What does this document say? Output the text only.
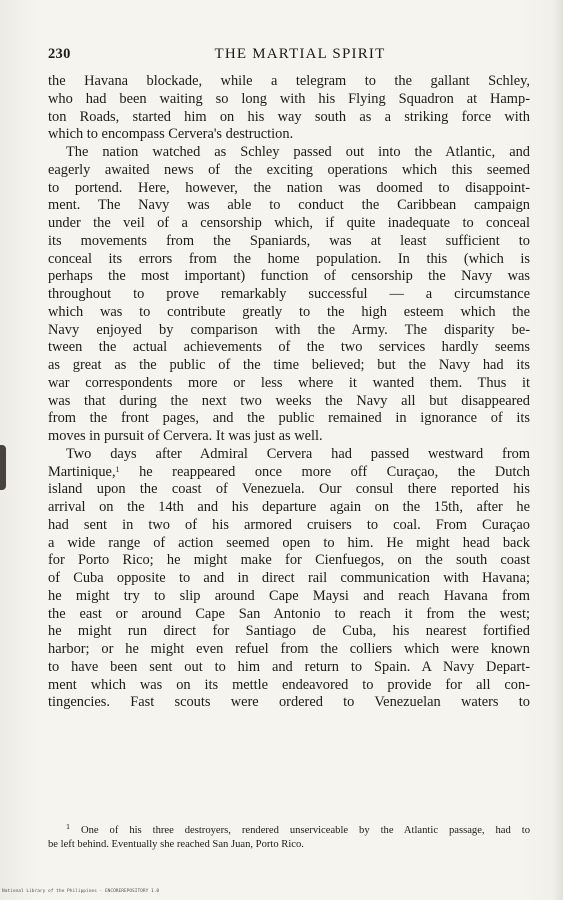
230	THE MARTIAL SPIRIT
the Havana blockade, while a telegram to the gallant Schley,
who had been waiting so long with his Flying Squadron at Hamp-
ton Roads, started him on his way south as a striking force with
which to encompass Cervera's destruction.
The nation watched as Schley passed out into the Atlantic, and
eagerly awaited news of the exciting operations which this seemed
to portend. Here, however, the nation was doomed to disappoint-
ment. The Navy was able to conduct the Caribbean campaign
under the veil of a censorship which, if quite inadequate to conceal
its movements from the Spaniards, was at least sufficient to
conceal its errors from the home population. In this (which is
perhaps the most important) function of censorship the Navy was
throughout to prove remarkably successful — a circumstance
which was to contribute greatly to the high esteem which the
Navy enjoyed by comparison with the Army. The disparity be-
tween the actual achievements of the two services hardly seems
as great as the public of the time believed; but the Navy had its
war correspondents more or less where it wanted them. Thus it
was that during the next two weeks the Navy all but disappeared
from the front pages, and the public remained in ignorance of its
moves in pursuit of Cervera. It was just as well.
Two days after Admiral Cervera had passed westward from
Martinique,$^1$ he reappeared once more off Curaçao, the Dutch
island upon the coast of Venezuela. Our consul there reported his
arrival on the 14th and his departure again on the 15th, after he
had sent in two of his armored cruisers to coal. From Curaçao
a wide range of action seemed open to him. He might head back
for Porto Rico; he might make for Cienfuegos, on the south coast
of Cuba opposite to and in direct rail communication with Havana;
he might try to slip around Cape Maysi and reach Havana from
the east or around Cape San Antonio to reach it from the west;
he might run direct for Santiago de Cuba, his nearest fortified
harbor; or he might even refuel from the colliers which were known
to have been sent out to him and return to Spain. A Navy Depart-
ment which was on its mettle endeavored to provide for all con-
tingencies. Fast scouts were ordered to Venezuelan waters to
$^1$ One of his three destroyers, rendered unserviceable by the Atlantic passage, had to
be left behind. Eventually she reached San Juan, Porto Rico.
National Library of the Philippines · ENCOREREPOSITORY 1.0
